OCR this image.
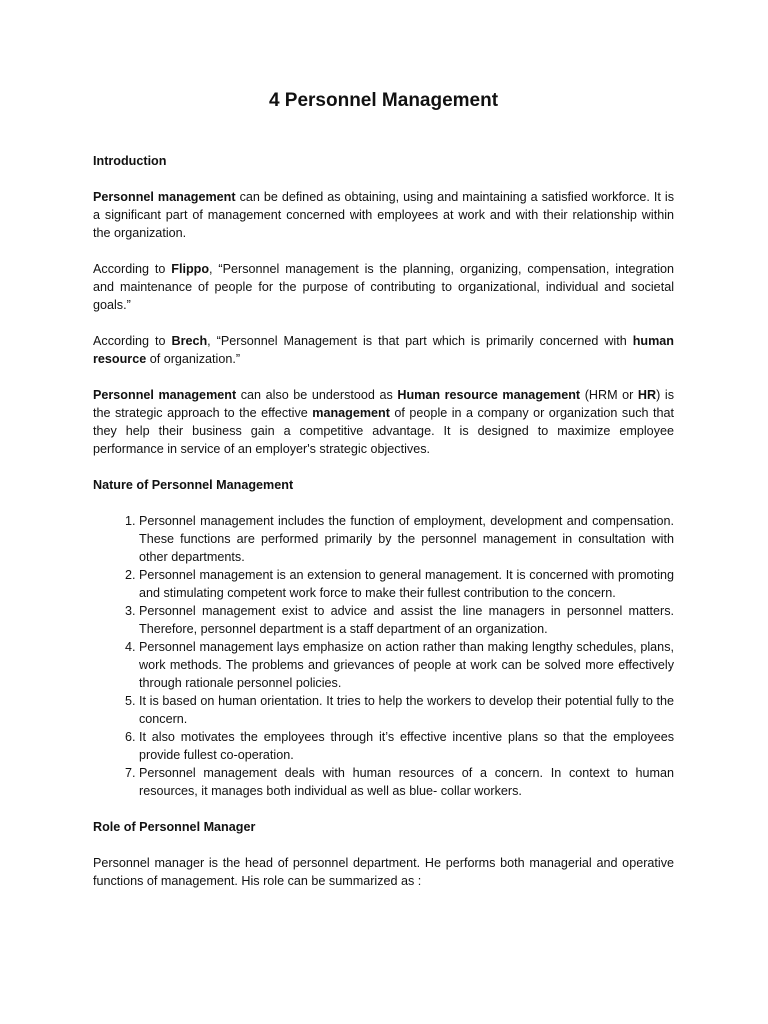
4 Personnel Management
Introduction

Personnel management can be defined as obtaining, using and maintaining a satisfied workforce. It is a significant part of management concerned with employees at work and with their relationship within the organization.

According to Flippo, “Personnel management is the planning, organizing, compensation, integration and maintenance of people for the purpose of contributing to organizational, individual and societal goals.”

According to Brech, “Personnel Management is that part which is primarily concerned with human resource of organization.”

Personnel management can also be understood as Human resource management (HRM or HR) is the strategic approach to the effective management of people in a company or organization such that they help their business gain a competitive advantage. It is designed to maximize employee performance in service of an employer's strategic objectives.

Nature of Personnel Management
1. Personnel management includes the function of employment, development and compensation. These functions are performed primarily by the personnel management in consultation with other departments.
2. Personnel management is an extension to general management. It is concerned with promoting and stimulating competent work force to make their fullest contribution to the concern.
3. Personnel management exist to advice and assist the line managers in personnel matters. Therefore, personnel department is a staff department of an organization.
4. Personnel management lays emphasize on action rather than making lengthy schedules, plans, work methods. The problems and grievances of people at work can be solved more effectively through rationale personnel policies.
5. It is based on human orientation. It tries to help the workers to develop their potential fully to the concern.
6. It also motivates the employees through it’s effective incentive plans so that the employees provide fullest co-operation.
7. Personnel management deals with human resources of a concern. In context to human resources, it manages both individual as well as blue- collar workers.
Role of Personnel Manager

Personnel manager is the head of personnel department. He performs both managerial and operative functions of management. His role can be summarized as :
